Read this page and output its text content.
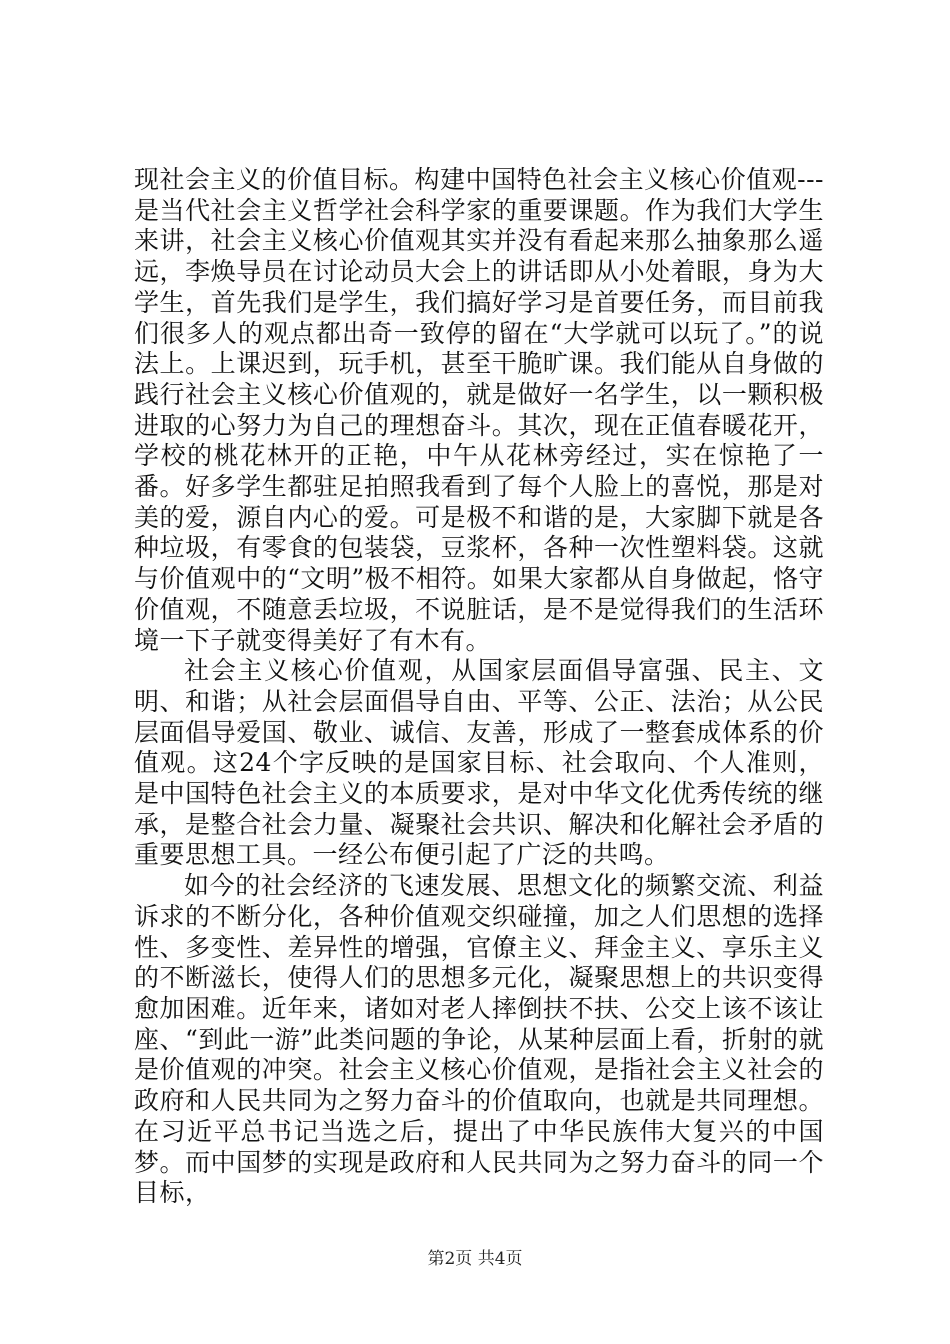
现社会主义的价值目标。构建中国特色社会主义核心价值观---是当代社会主义哲学社会科学家的重要课题。作为我们大学生来讲，社会主义核心价值观其实并没有看起来那么抽象那么遥远，李焕导员在讨论动员大会上的讲话即从小处着眼，身为大学生，首先我们是学生，我们搞好学习是首要任务，而目前我们很多人的观点都出奇一致停的留在“大学就可以玩了。”的说法上。上课迟到，玩手机，甚至干脆旷课。我们能从自身做的践行社会主义核心价值观的，就是做好一名学生，以一颗积极进取的心努力为自己的理想奋斗。其次，现在正值春暖花开，学校的桃花林开的正艳，中午从花林旁经过，实在惊艳了一番。好多学生都驻足拍照我看到了每个人脸上的喜悦，那是对美的爱，源自内心的爱。可是极不和谐的是，大家脚下就是各种垃圾，有零食的包装袋，豆浆杯，各种一次性塑料袋。这就与价值观中的“文明”极不相符。如果大家都从自身做起，恪守价值观，不随意丢垃圾，不说脏话，是不是觉得我们的生活环境一下子就变得美好了有木有。

社会主义核心价值观，从国家层面倡导富强、民主、文明、和谐；从社会层面倡导自由、平等、公正、法治；从公民层面倡导爱国、敬业、诚信、友善，形成了一整套成体系的价值观。这24个字反映的是国家目标、社会取向、个人准则，是中国特色社会主义的本质要求，是对中华文化优秀传统的继承，是整合社会力量、凝聚社会共识、解决和化解社会矛盾的重要思想工具。一经公布便引起了广泛的共鸣。

如今的社会经济的飞速发展、思想文化的频繁交流、利益诉求的不断分化，各种价值观交织碰撞，加之人们思想的选择性、多变性、差异性的增强，官僚主义、拜金主义、享乐主义的不断滋长，使得人们的思想多元化，凝聚思想上的共识变得愈加困难。近年来，诸如对老人摔倒扶不扶、公交上该不该让座、“到此一游”此类问题的争论，从某种层面上看，折射的就是价值观的冲突。社会主义核心价值观，是指社会主义社会的政府和人民共同为之努力奋斗的价值取向，也就是共同理想。在习近平总书记当选之后，提出了中华民族伟大复兴的中国梦。而中国梦的实现是政府和人民共同为之努力奋斗的同一个目标，

第2页 共4页
